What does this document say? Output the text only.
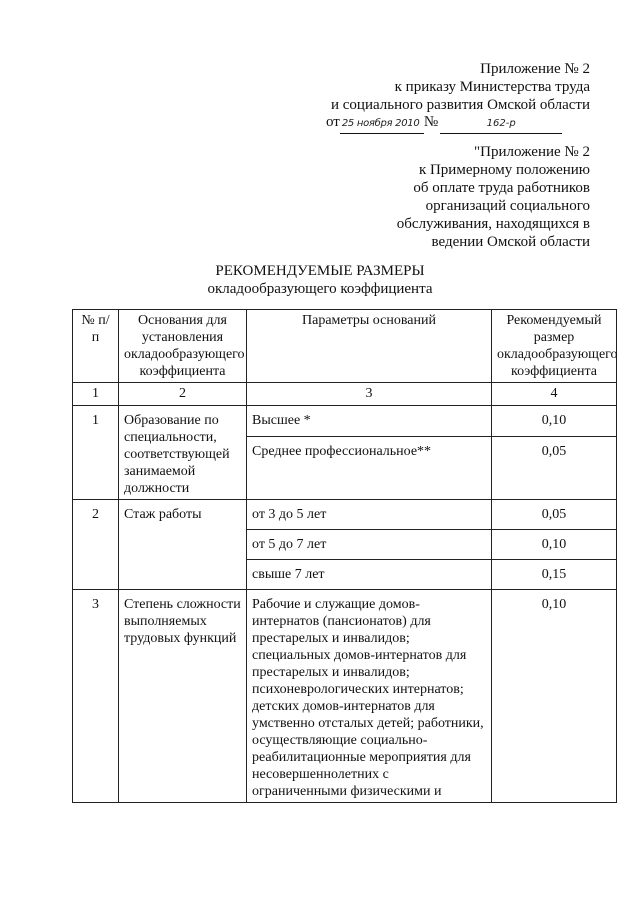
Приложение № 2
к приказу Министерства труда
и социального развития Омской области
от 25 ноября 2010 №	162-р
"Приложение № 2
к Примерному положению
об оплате труда работников
организаций социального
обслуживания, находящихся в
ведении Омской области
РЕКОМЕНДУЕМЫЕ РАЗМЕРЫ
окладообразующего коэффициента
№ п/п	Основания для установления окладообразующего коэффициента	Параметры оснований	Рекомендуемый размер окладообразующего коэффициента
1	2	3	4
1	Образование по специальности, соответствующей занимаемой должности	Высшее *	0,10
		Среднее профессиональное**	0,05
2	Стаж работы	от 3 до 5 лет	0,05
		от 5 до 7 лет	0,10
		свыше 7 лет	0,15
3	Степень сложности выполняемых трудовых функций	Рабочие и служащие домов-интернатов (пансионатов) для престарелых и инвалидов; специальных домов-интернатов для престарелых и инвалидов; психоневрологических интернатов; детских домов-интернатов для умственно отсталых детей; работники, осуществляющие социально-реабилитационные мероприятия для несовершеннолетних с ограниченными физическими и	0,10
